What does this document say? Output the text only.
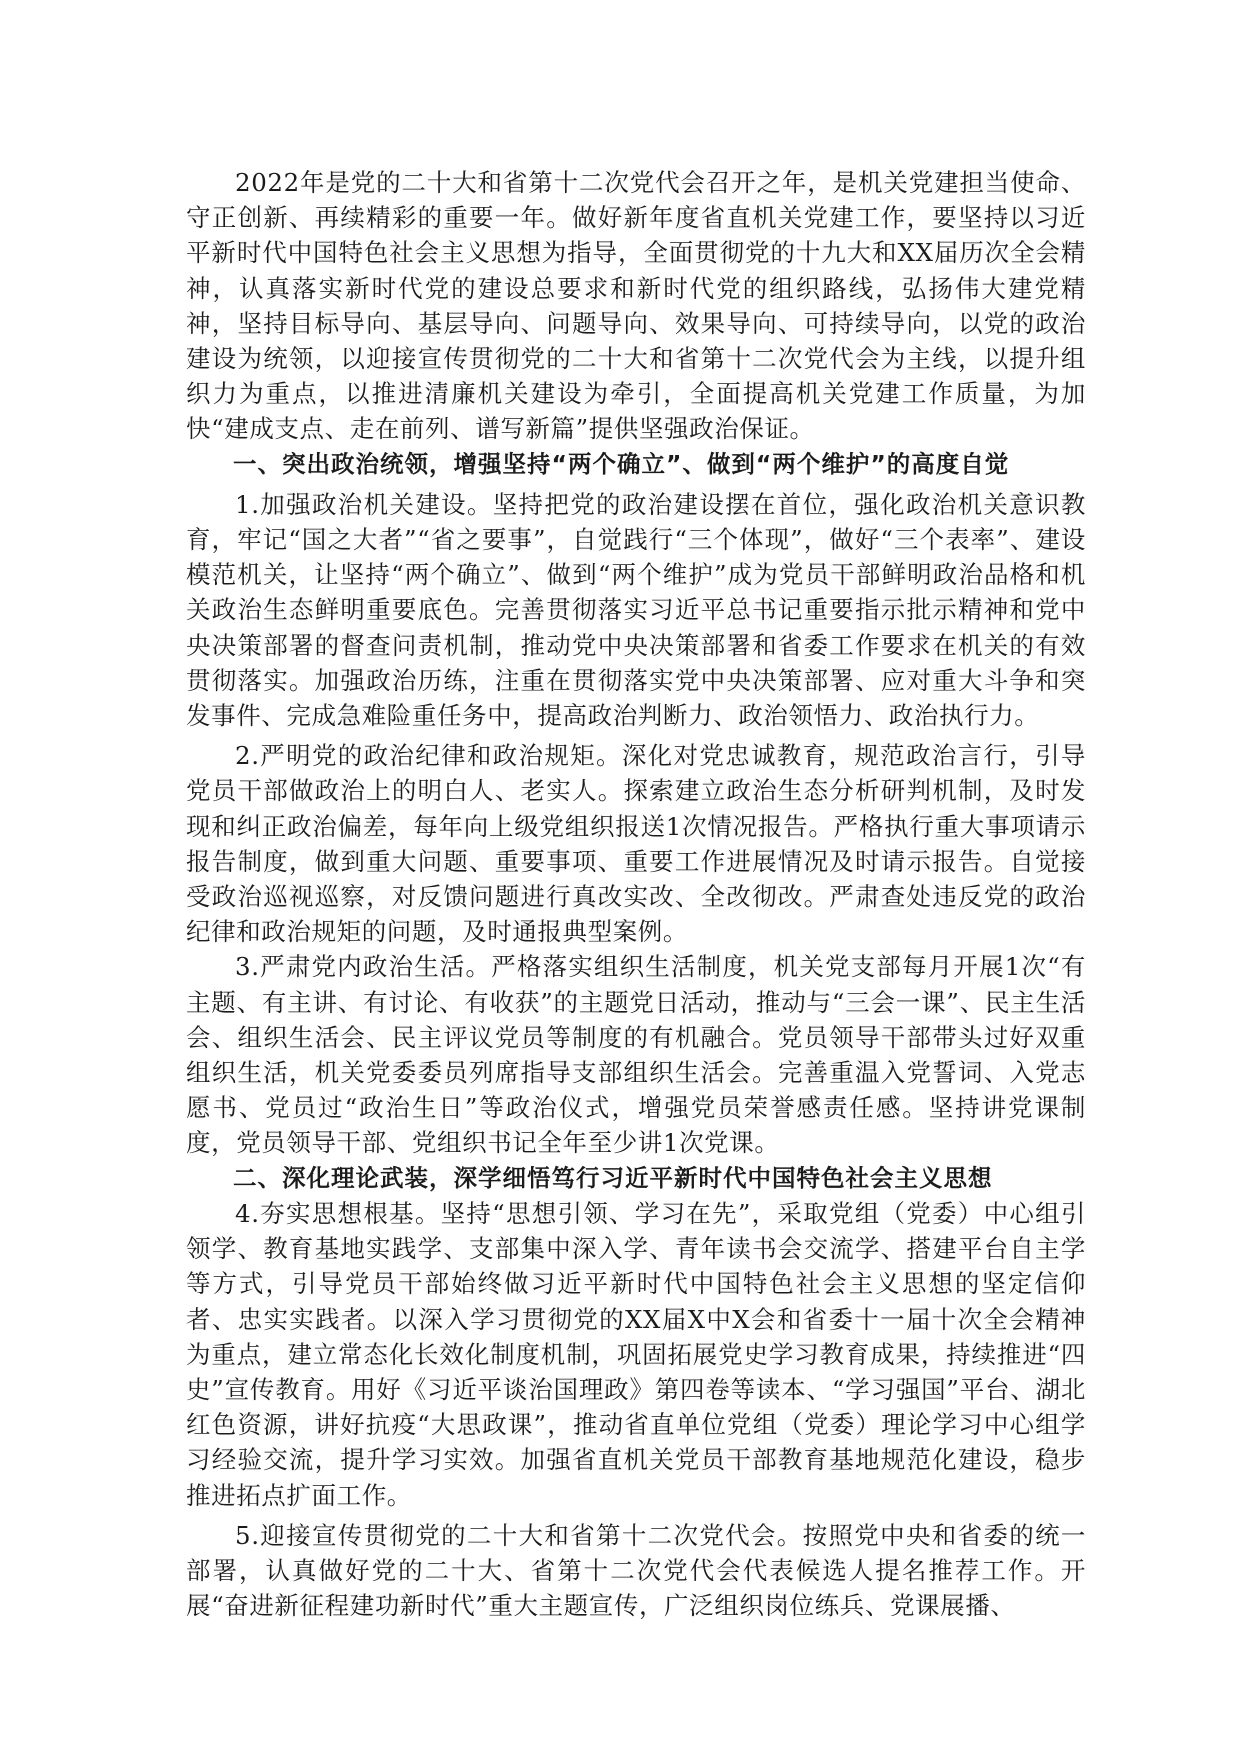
2022年是党的二十大和省第十二次党代会召开之年，是机关党建担当使命、守正创新、再续精彩的重要一年。做好新年度省直机关党建工作，要坚持以习近平新时代中国特色社会主义思想为指导，全面贯彻党的十九大和XX届历次全会精神，认真落实新时代党的建设总要求和新时代党的组织路线，弘扬伟大建党精神，坚持目标导向、基层导向、问题导向、效果导向、可持续导向，以党的政治建设为统领，以迎接宣传贯彻党的二十大和省第十二次党代会为主线，以提升组织力为重点，以推进清廉机关建设为牵引，全面提高机关党建工作质量，为加快“建成支点、走在前列、谱写新篇”提供坚强政治保证。

一、突出政治统领，增强坚持“两个确立”、做到“两个维护”的高度自觉

1.加强政治机关建设。坚持把党的政治建设摆在首位，强化政治机关意识教育，牢记“国之大者”“省之要事”，自觉践行“三个体现”，做好“三个表率”、建设模范机关，让坚持“两个确立”、做到“两个维护”成为党员干部鲜明政治品格和机关政治生态鲜明重要底色。完善贯彻落实习近平总书记重要指示批示精神和党中央决策部署的督查问责机制，推动党中央决策部署和省委工作要求在机关的有效贯彻落实。加强政治历练，注重在贯彻落实党中央决策部署、应对重大斗争和突发事件、完成急难险重任务中，提高政治判断力、政治领悟力、政治执行力。

2.严明党的政治纪律和政治规矩。深化对党忠诚教育，规范政治言行，引导党员干部做政治上的明白人、老实人。探索建立政治生态分析研判机制，及时发现和纠正政治偏差，每年向上级党组织报送1次情况报告。严格执行重大事项请示报告制度，做到重大问题、重要事项、重要工作进展情况及时请示报告。自觉接受政治巡视巡察，对反馈问题进行真改实改、全改彻改。严肃查处违反党的政治纪律和政治规矩的问题，及时通报典型案例。

3.严肃党内政治生活。严格落实组织生活制度，机关党支部每月开展1次“有主题、有主讲、有讨论、有收获”的主题党日活动，推动与“三会一课”、民主生活会、组织生活会、民主评议党员等制度的有机融合。党员领导干部带头过好双重组织生活，机关党委委员列席指导支部组织生活会。完善重温入党誓词、入党志愿书、党员过“政治生日”等政治仪式，增强党员荣誉感责任感。坚持讲党课制度，党员领导干部、党组织书记全年至少讲1次党课。

二、深化理论武装，深学细悟笃行习近平新时代中国特色社会主义思想

4.夯实思想根基。坚持“思想引领、学习在先”，采取党组（党委）中心组引领学、教育基地实践学、支部集中深入学、青年读书会交流学、搭建平台自主学等方式，引导党员干部始终做习近平新时代中国特色社会主义思想的坚定信仰者、忠实实践者。以深入学习贯彻党的XX届X中X会和省委十一届十次全会精神为重点，建立常态化长效化制度机制，巩固拓展党史学习教育成果，持续推进“四史”宣传教育。用好《习近平谈治国理政》第四卷等读本、“学习强国”平台、湖北红色资源，讲好抗疫“大思政课”，推动省直单位党组（党委）理论学习中心组学习经验交流，提升学习实效。加强省直机关党员干部教育基地规范化建设，稳步推进拓点扩面工作。

5.迎接宣传贯彻党的二十大和省第十二次党代会。按照党中央和省委的统一部署，认真做好党的二十大、省第十二次党代会代表候选人提名推荐工作。开展“奋进新征程建功新时代”重大主题宣传，广泛组织岗位练兵、党课展播、
